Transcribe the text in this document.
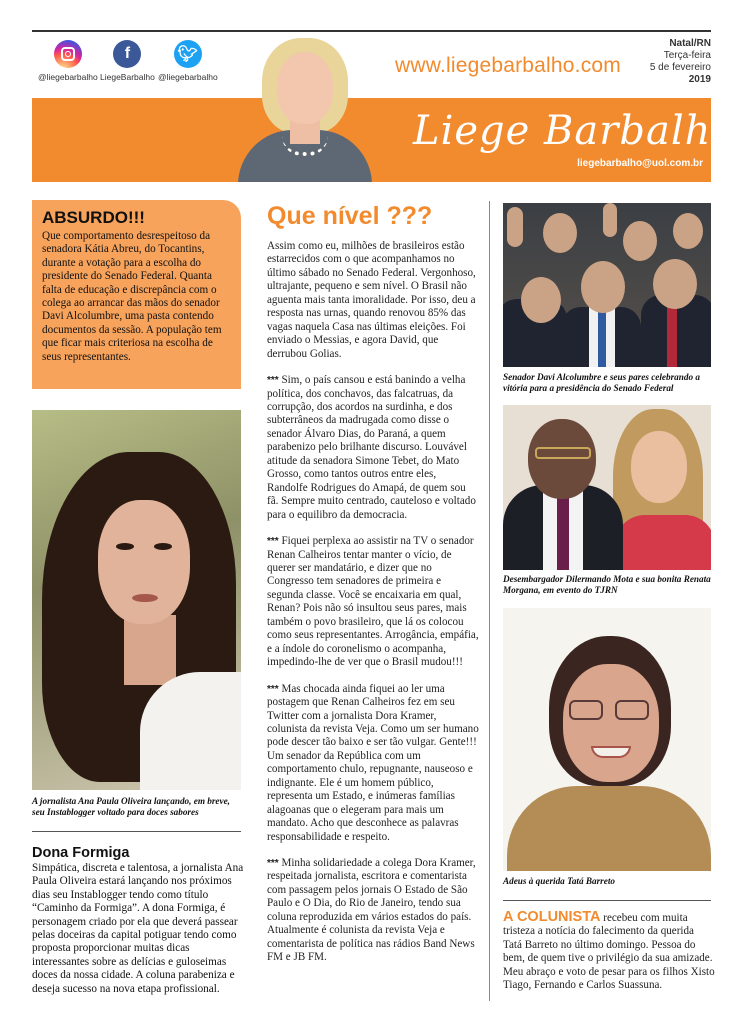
@liegebarbalho
f
LiegeBarbalho
🐦︎
@liegebarbalho	www.liegebarbalho.com
Natal/RN
Terça-feira
5 de fevereiro
2019
Liege Barbalho
liegebarbalho@uol.com.br
ABSURDO!!!

Que comportamento desrespeitoso da senadora Kátia Abreu, do Tocantins, durante a votação para a escolha do presidente do Senado Federal. Quanta falta de educação e discrepância com o colega ao arrancar das mãos do senador Davi Alcolumbre, uma pasta contendo documentos da sessão. A população tem que ficar mais criteriosa na escolha de seus representantes.

A jornalista Ana Paula Oliveira lançando, em breve, seu Instablogger voltado para doces sabores
Dona Formiga

Simpática, discreta e talentosa, a jornalista Ana Paula Oliveira estará lançando nos próximos dias seu Instablogger tendo como título “Caminho da Formiga”. A dona Formiga, é personagem criado por ela que deverá passear pelas doceiras da capital potiguar tendo como proposta proporcionar muitas dicas interessantes sobre as delícias e guloseimas doces da nossa cidade. A coluna parabeniza e deseja sucesso na nova etapa profissional.

Que nível ???

Assim como eu, milhões de brasileiros estão estarrecidos com o que acompanhamos no último sábado no Senado Federal. Vergonhoso, ultrajante, pequeno e sem nível. O Brasil não aguenta mais tanta imoralidade. Por isso, deu a resposta nas urnas, quando renovou 85% das vagas naquela Casa nas últimas eleições. Foi enviado o Messias, e agora David, que derrubou Golias.

*** Sim, o país cansou e está banindo a velha política, dos conchavos, das falcatruas, da corrupção, dos acordos na surdinha, e dos subterrâneos da madrugada como disse o senador Álvaro Dias, do Paraná, a quem parabenizo pelo brilhante discurso. Louvável atitude da senadora Simone Tebet, do Mato Grosso, como tantos outros entre eles, Randolfe Rodrigues do Amapá, de quem sou fã. Sempre muito centrado, cauteloso e voltado para o equilibro da democracia.

*** Fiquei perplexa ao assistir na TV o senador Renan Calheiros tentar manter o vício, de querer ser mandatário, e dizer que no Congresso tem senadores de primeira e segunda classe. Você se encaixaria em qual, Renan? Pois não só insultou seus pares, mais também o povo brasileiro, que lá os colocou como seus representantes. Arrogância, empáfia, e a índole do coronelismo o acompanha, impedindo-lhe de ver que o Brasil mudou!!!

*** Mas chocada ainda fiquei ao ler uma postagem que Renan Calheiros fez em seu Twitter com a jornalista Dora Kramer, colunista da revista Veja. Como um ser humano pode descer tão baixo e ser tão vulgar. Gente!!! Um senador da República com um comportamento chulo, repugnante, nauseoso e indignante. Ele é um homem público, representa um Estado, e inúmeras famílias alagoanas que o elegeram para mais um mandato. Acho que desconhece as palavras responsabilidade e respeito.

*** Minha solidariedade a colega Dora Kramer, respeitada jornalista, escritora e comentarista com passagem pelos jornais O Estado de São Paulo e O Dia, do Rio de Janeiro, tendo sua coluna reproduzida em vários estados do país. Atualmente é colunista da revista Veja e comentarista de política nas rádios Band News FM e JB FM.

Senador Davi Alcolumbre e seus pares celebrando a vitória para a presidência do Senado Federal
Desembargador Dilermando Mota e sua bonita Renata Morgana, em evento do TJRN
Adeus à querida Tatá Barreto
A COLUNISTA recebeu com muita tristeza a notícia do falecimento da querida Tatá Barreto no último domingo. Pessoa do bem, de quem tive o privilégio da sua amizade. Meu abraço e voto de pesar para os filhos Xisto Tiago, Fernando e Carlos Suassuna.
